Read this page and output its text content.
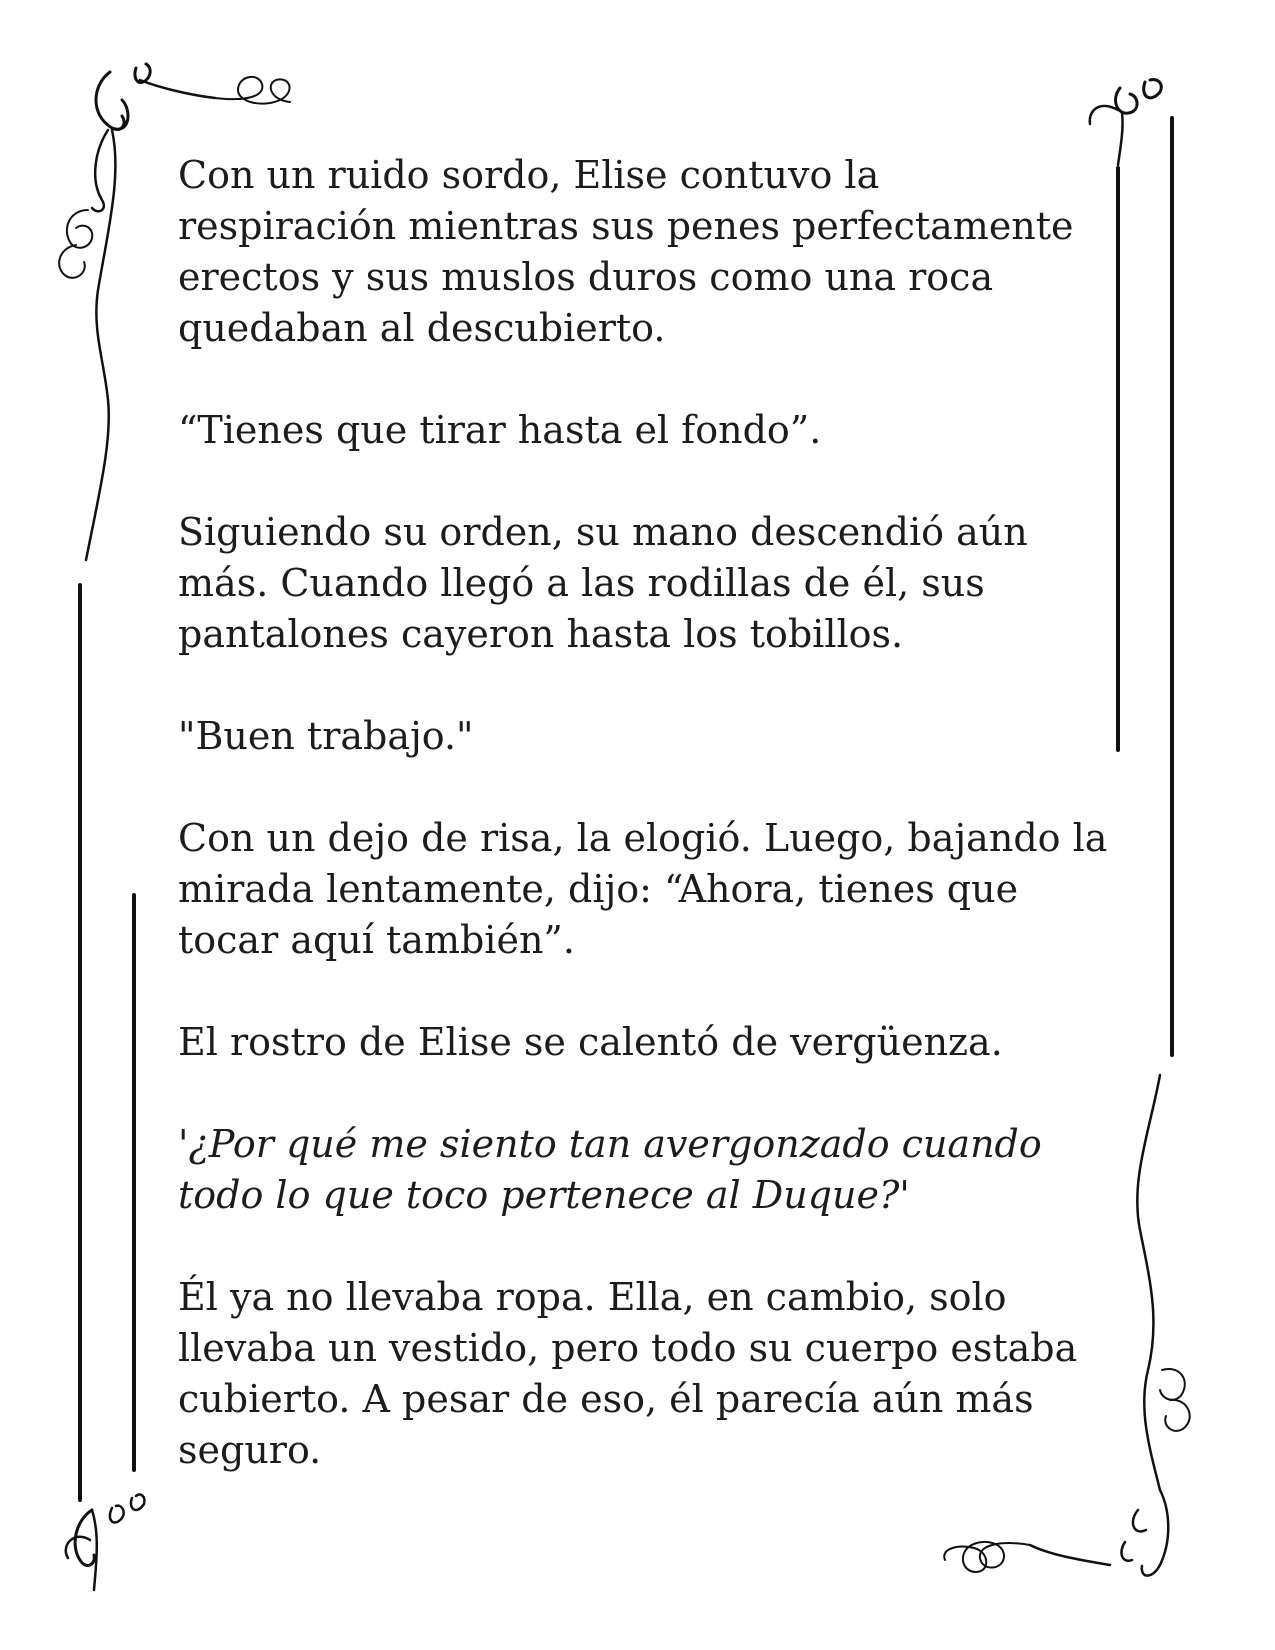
Con un ruido sordo, Elise contuvo la
respiración mientras sus penes perfectamente
erectos y sus muslos duros como una roca
quedaban al descubierto.

“Tienes que tirar hasta el fondo”.

Siguiendo su orden, su mano descendió aún
más. Cuando llegó a las rodillas de él, sus
pantalones cayeron hasta los tobillos.

"Buen trabajo."

Con un dejo de risa, la elogió. Luego, bajando la
mirada lentamente, dijo: “Ahora, tienes que
tocar aquí también”.

El rostro de Elise se calentó de vergüenza.

'¿Por qué me siento tan avergonzado cuando
todo lo que toco pertenece al Duque?'

Él ya no llevaba ropa. Ella, en cambio, solo
llevaba un vestido, pero todo su cuerpo estaba
cubierto. A pesar de eso, él parecía aún más
seguro.
